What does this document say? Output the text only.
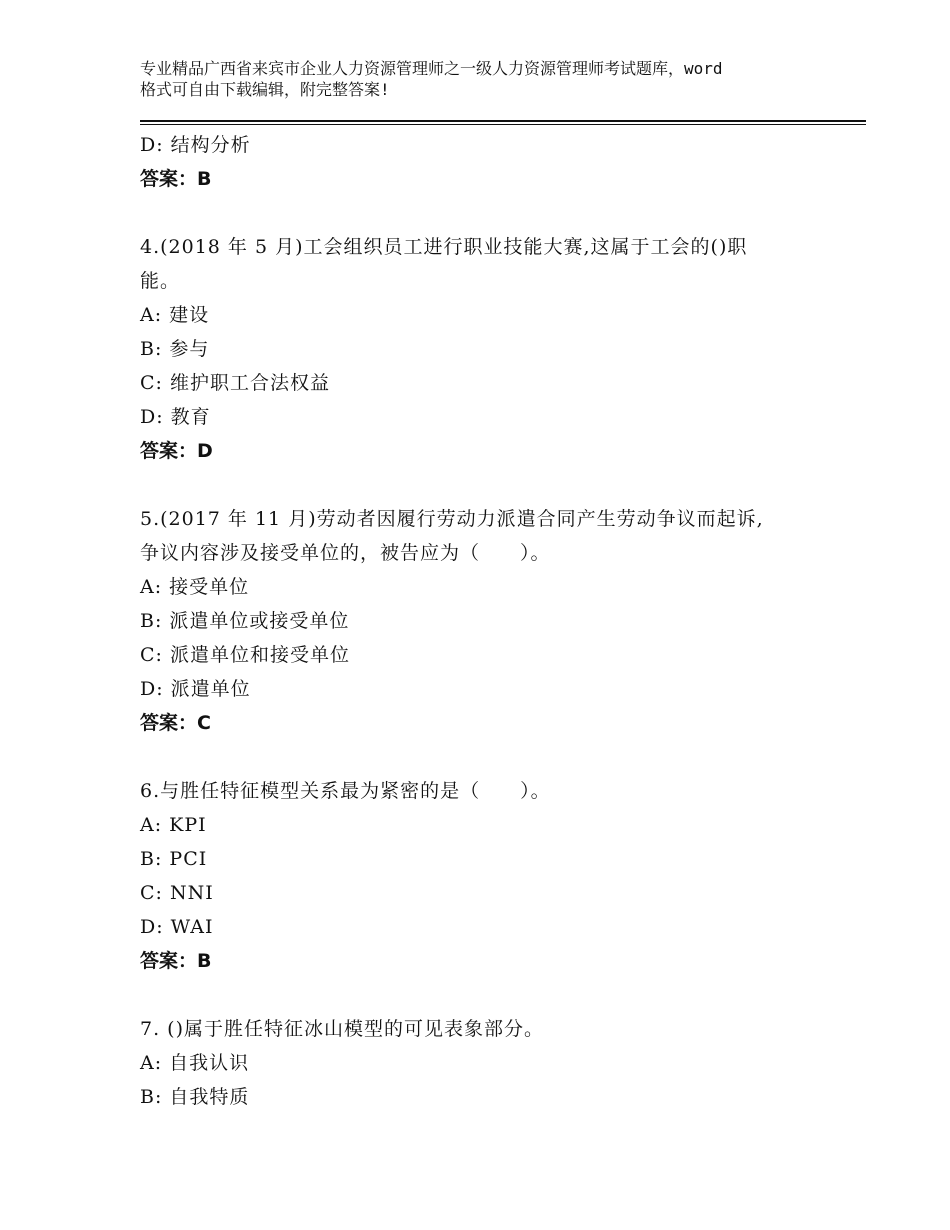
专业精品广西省来宾市企业人力资源管理师之一级人力资源管理师考试题库，word
格式可自由下载编辑，附完整答案!
D: 结构分析
答案：B
4.(2018 年 5 月)工会组织员工进行职业技能大赛,这属于工会的()职
能。
A: 建设
B: 参与
C: 维护职工合法权益
D: 教育
答案：D
5.(2017 年 11 月)劳动者因履行劳动力派遣合同产生劳动争议而起诉,
争议内容涉及接受单位的，被告应为（　　）。
A: 接受单位
B: 派遣单位或接受单位
C: 派遣单位和接受单位
D: 派遣单位
答案：C
6.与胜任特征模型关系最为紧密的是（　　）。
A: KPI
B: PCI
C: NNI
D: WAI
答案：B
7. ()属于胜任特征冰山模型的可见表象部分。
A: 自我认识
B: 自我特质
